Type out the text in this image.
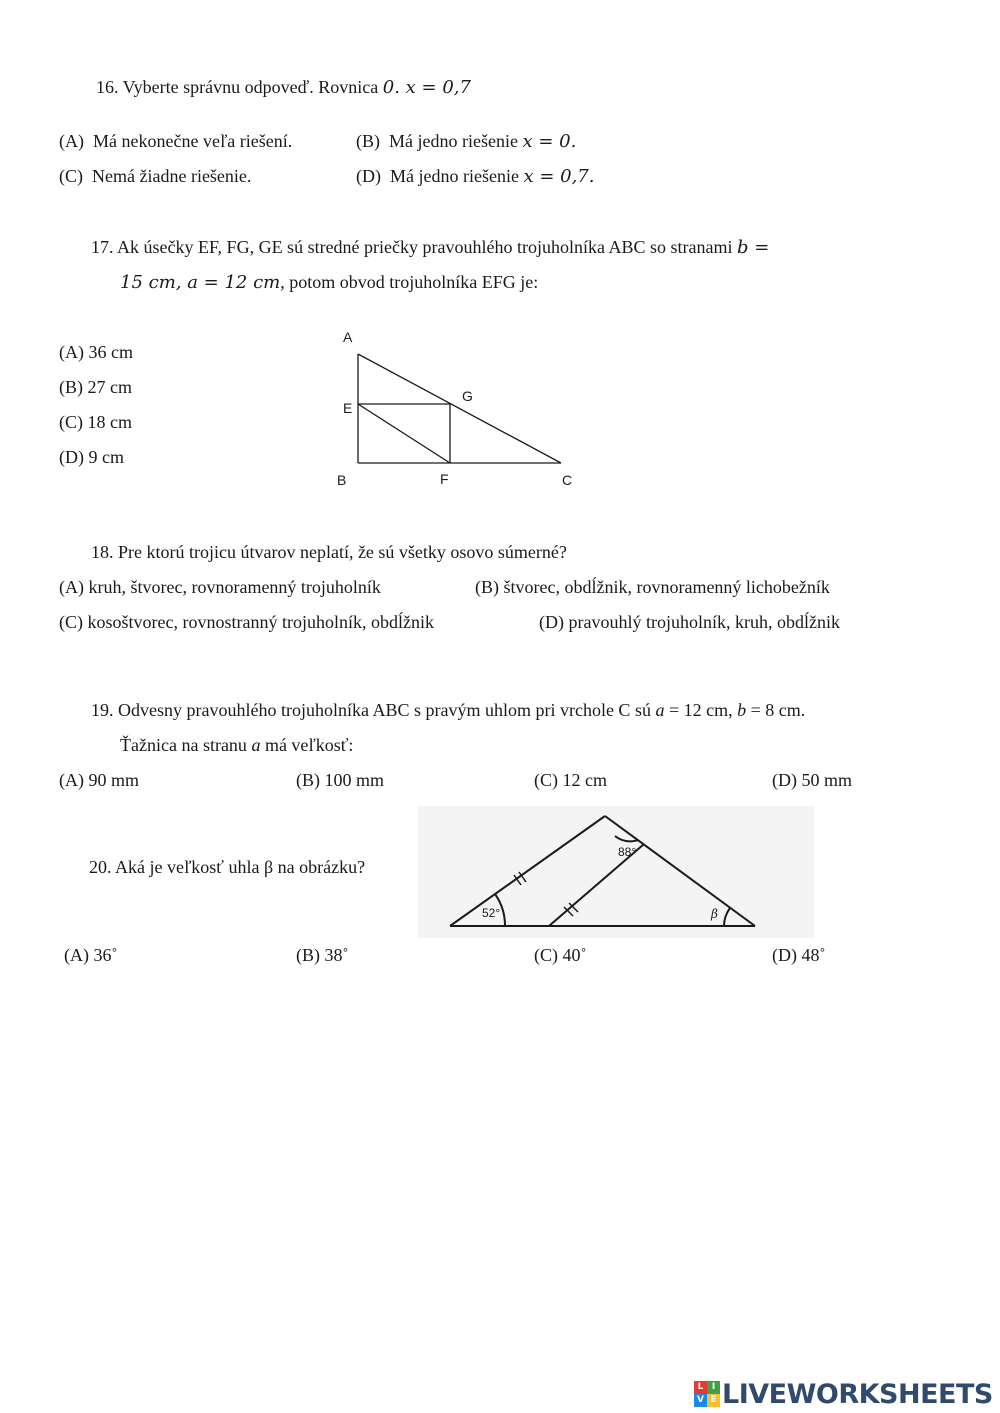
16. Vyberte správnu odpoveď. Rovnica 0. x = 0,7
(A) Má nekonečne veľa riešení.	(B) Má jedno riešenie x = 0.
(C) Nemá žiadne riešenie.	(D) Má jedno riešenie x = 0,7.
17. Ak úsečky EF, FG, GE sú stredné priečky pravouhlého trojuholníka ABC so stranami b =
15 cm, a = 12 cm, potom obvod trojuholníka EFG je:
(A) 36 cm
(B) 27 cm
(C) 18 cm
(D) 9 cm
A
E
G
B	F	C
18. Pre ktorú trojicu útvarov neplatí, že sú všetky osovo súmerné?
(A) kruh, štvorec, rovnoramenný trojuholník	(B) štvorec, obdĺžnik, rovnoramenný lichobežník
(C) kosoštvorec, rovnostranný trojuholník, obdĺžnik	(D) pravouhlý trojuholník, kruh, obdĺžnik
19. Odvesny pravouhlého trojuholníka ABC s pravým uhlom pri vrchole C sú a = 12 cm, b = 8 cm.
Ťažnica na stranu a má veľkosť:
(A) 90 mm	(B) 100 mm	(C) 12 cm	(D) 50 mm
20. Aká je veľkosť uhla β na obrázku?
52°
88°
β
(A) 36˚	(B) 38˚	(C) 40˚	(D) 48˚
L I
V E LIVEWORKSHEETS
